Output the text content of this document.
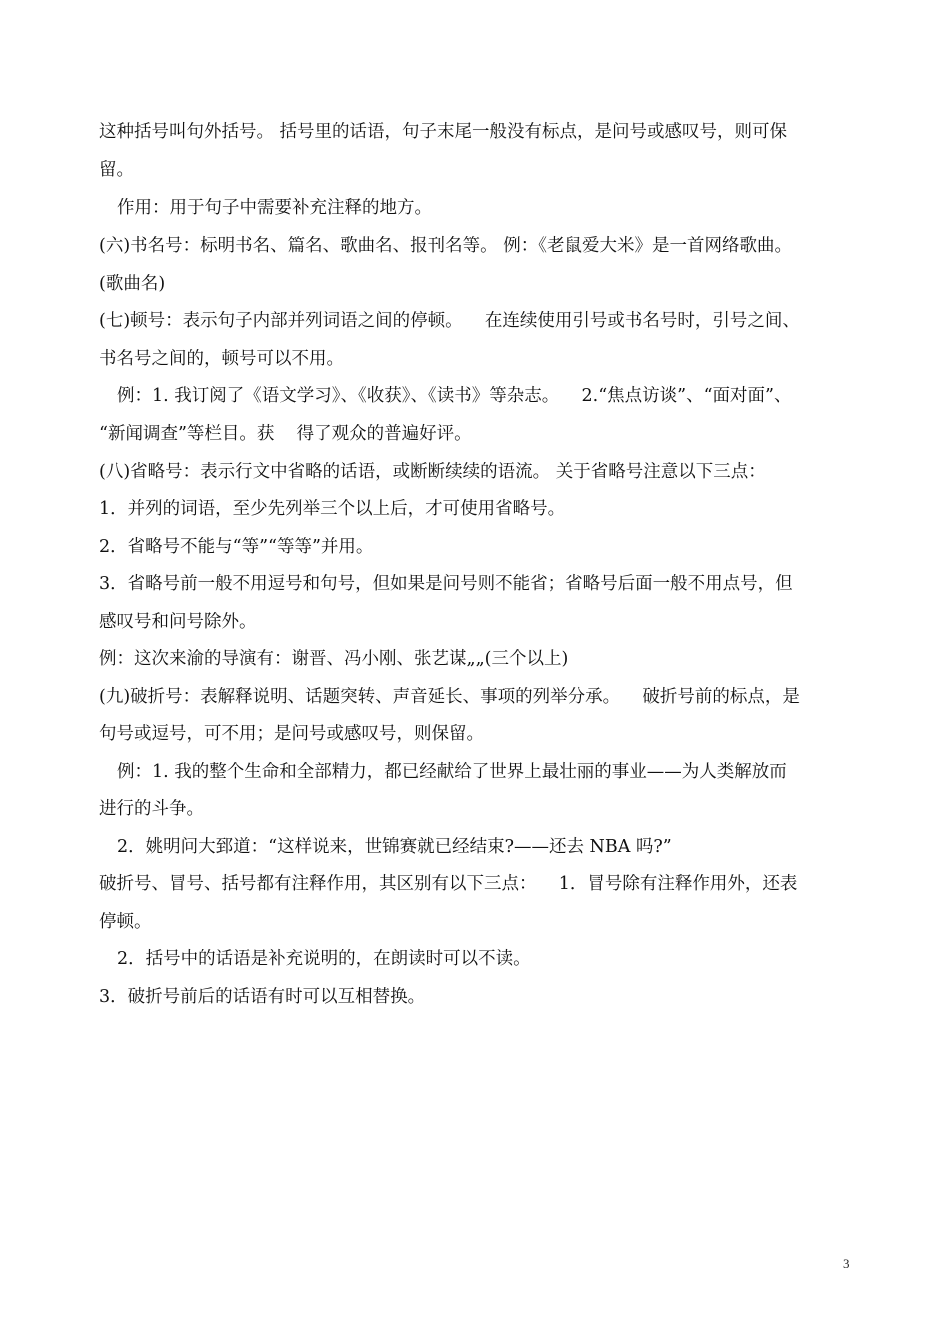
这种括号叫句外括号。 括号里的话语，句子末尾一般没有标点，是问号或感叹号，则可保
留。
作用：用于句子中需要补充注释的地方。
(六)书名号：标明书名、篇名、歌曲名、报刊名等。 例：《老鼠爱大米》是一首网络歌曲。
(歌曲名)
(七)顿号：表示句子内部并列词语之间的停顿。    在连续使用引号或书名号时，引号之间、
书名号之间的，顿号可以不用。
例：1. 我订阅了《语文学习》、《收获》、《读书》等杂志。    2.“焦点访谈”、“面对面”、
“新闻调查”等栏目。获    得了观众的普遍好评。
(八)省略号：表示行文中省略的话语，或断断续续的语流。 关于省略号注意以下三点：
1．并列的词语，至少先列举三个以上后，才可使用省略号。
2．省略号不能与“等”“等等”并用。
3．省略号前一般不用逗号和句号，但如果是问号则不能省；省略号后面一般不用点号，但
感叹号和问号除外。
例：这次来渝的导演有：谢晋、冯小刚、张艺谋„„(三个以上)
(九)破折号：表解释说明、话题突转、声音延长、事项的列举分承。    破折号前的标点，是
句号或逗号，可不用；是问号或感叹号，则保留。
例：1. 我的整个生命和全部精力，都已经献给了世界上最壮丽的事业——为人类解放而
进行的斗争。
2．姚明问大郅道：“这样说来，世锦赛就已经结束?——还去 NBA 吗?”
破折号、冒号、括号都有注释作用，其区别有以下三点：    1．冒号除有注释作用外，还表
停顿。
2．括号中的话语是补充说明的，在朗读时可以不读。
3．破折号前后的话语有时可以互相替换。
3
